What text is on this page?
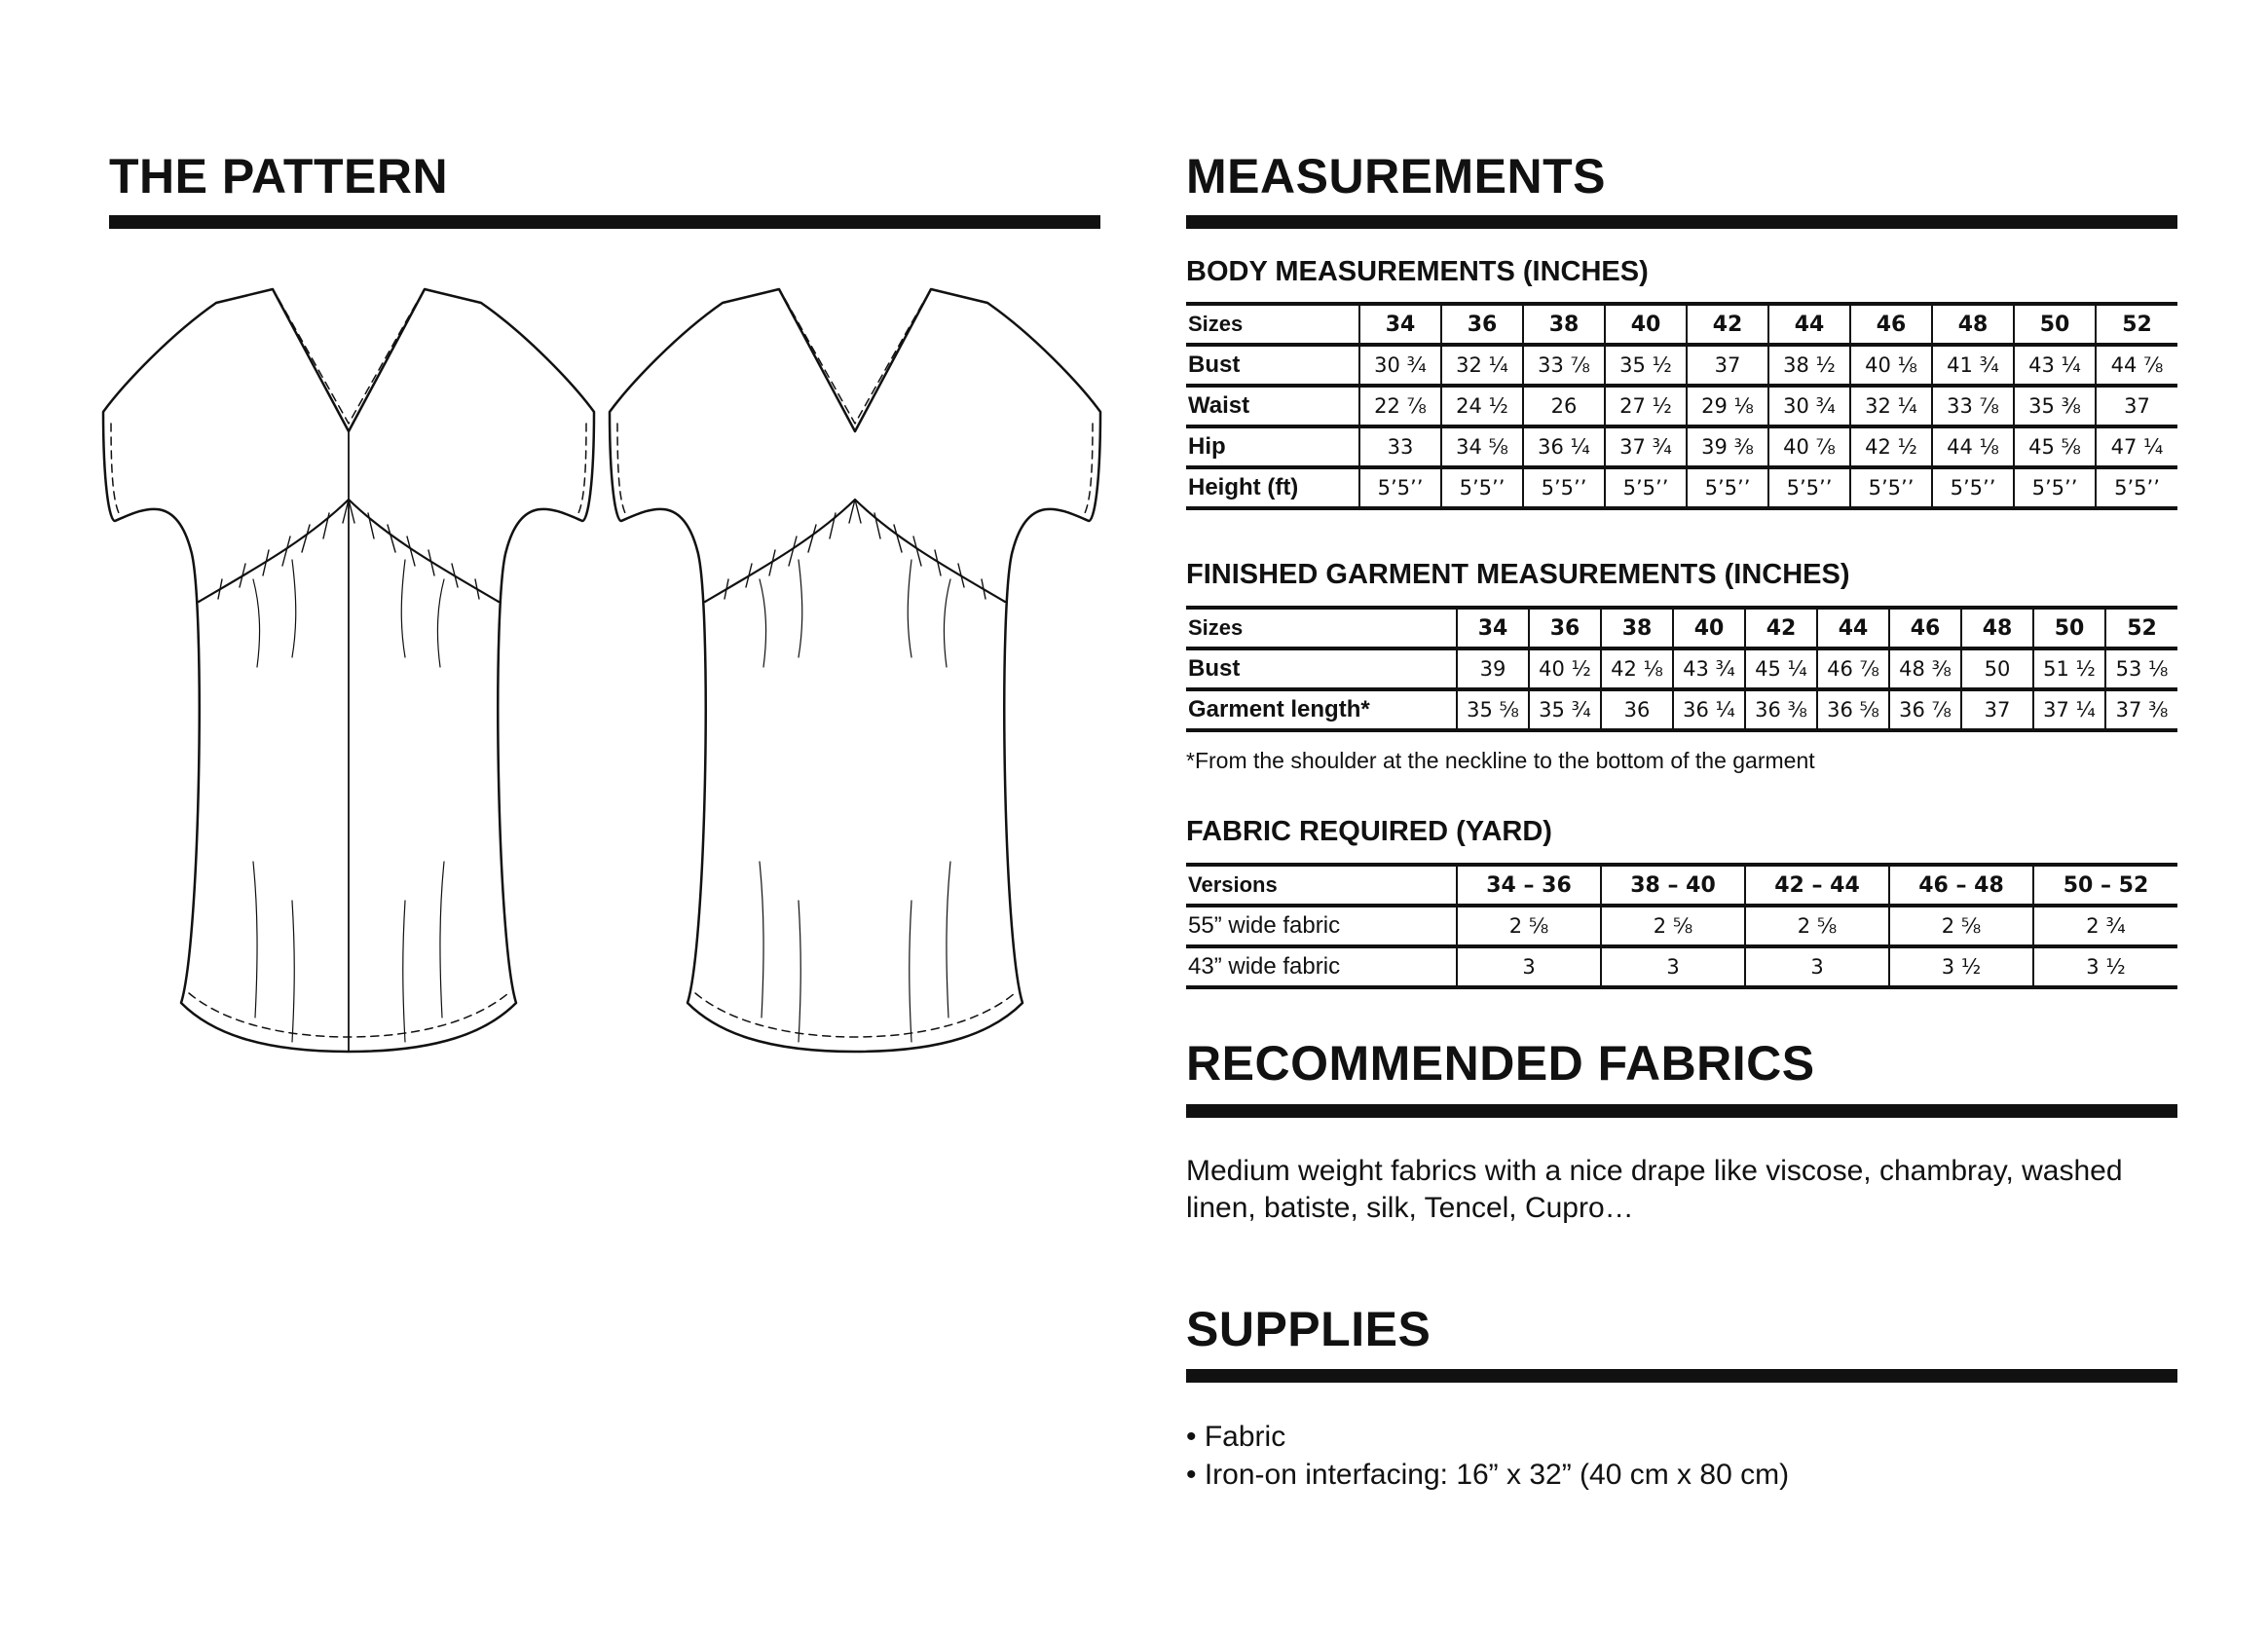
THE PATTERN	MEASUREMENTS
BODY MEASUREMENTS (INCHES)
Sizes	34	36	38	40	42	44	46	48	50	52
Bust	30 ¾	32 ¼	33 ⅞	35 ½	37	38 ½	40 ⅛	41 ¾	43 ¼	44 ⅞
Waist	22 ⅞	24 ½	26	27 ½	29 ⅛	30 ¾	32 ¼	33 ⅞	35 ⅜	37
Hip	33	34 ⅝	36 ¼	37 ¾	39 ⅜	40 ⅞	42 ½	44 ⅛	45 ⅝	47 ¼
Height (ft)	5’5’’	5’5’’	5’5’’	5’5’’	5’5’’	5’5’’	5’5’’	5’5’’	5’5’’	5’5’’
FINISHED GARMENT MEASUREMENTS (INCHES)
Sizes	34	36	38	40	42	44	46	48	50	52
Bust	39	40 ½	42 ⅛	43 ¾	45 ¼	46 ⅞	48 ⅜	50	51 ½	53 ⅛
Garment length*	35 ⅝	35 ¾	36	36 ¼	36 ⅜	36 ⅝	36 ⅞	37	37 ¼	37 ⅜

*From the shoulder at the neckline to the bottom of the garment

FABRIC REQUIRED (YARD)
Versions	34 – 36	38 – 40	42 – 44	46 – 48	50 – 52
55” wide fabric	2 ⅝	2 ⅝	2 ⅝	2 ⅝	2 ¾
43” wide fabric	3	3	3	3 ½	3 ½
RECOMMENDED FABRICS

Medium weight fabrics with a nice drape like viscose, chambray, washed
linen, batiste, silk, Tencel, Cupro…

SUPPLIES
• Fabric
• Iron-on interfacing: 16” x 32” (40 cm x 80 cm)
